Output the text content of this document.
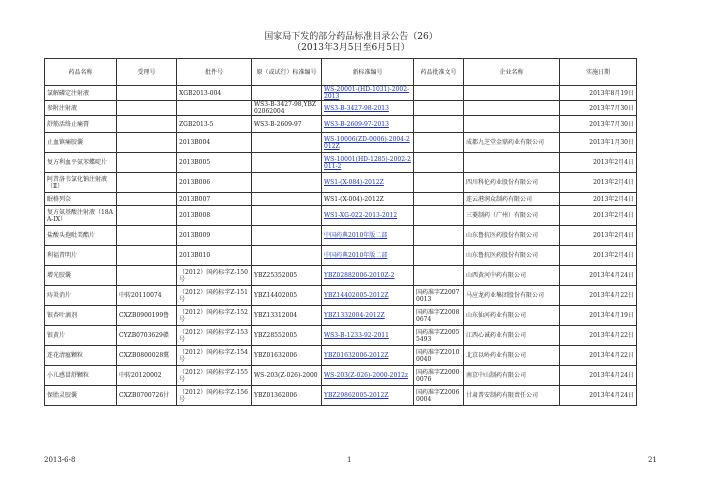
国家局下发的部分药品标准目录公告（26）
（2013年3月5日至6月5日）
药品名称	受理号	批件号	原（或试行）标准编号	新标准编号	药品批准文号	企业名称	实施日期
氯解磷定注射液		XGB2013-004		WS-20001-(HD-1031)-2002-2013			2013年8月19日
参附注射液			WS3-B-3427-98,YBZ02062004	WS3-B-3427-98-2013			2013年7月30日
舒筋活络止痛膏		ZGB2013-5	WS3-B-2609-97	WS3-B-2609-97-2013			2013年7月30日
止血镇痛胶囊		2013B004		WS-10006(ZD-0006)-2004-2012Z		成都九芝堂金鼎药业有限公司	2013年1月30日
复方利血平氨苯蝶啶片		2013B005		WS-10001(HD-1285)-2002-2011-2			2013年2月4日
阿昔洛韦氯化钠注射液（Ⅱ）		2013B006		WS1-(X-084)-2012Z		四川科伦药业股份有限公司	2013年2月4日
眠格列奈		2013B007		WS1-(X-004)-2012Z		连云港润众制药有限公司	2013年2月4日
复方氨基酸注射液（18AA-IX）		2013B008		WS1-XG-022-2013-2012		三菱制药（广州）有限公司	2013年2月4日
盐酸头孢吡美酯片		2013B009		中国药典2010年版二部		山东鲁抗医药股份有限公司	2013年2月4日
利福昔明片		2013B010		中国药典2010年版二部		山东鲁抗医药股份有限公司	2013年2月4日
增光胶囊		（2012）国药标字Z-150号	YBZ25352005	YBZ02882006-2010Z-2		山西黄河中药有限公司	2013年4月24日
痔炎消片	中转20110074	（2012）国药标字Z-151号	YBZ14402005	YBZ14402005-2012Z	国药准字Z20070013	马应龙药业集团股份有限公司	2013年4月22日
银杏叶滴剂	CXZB0900199鲁	（2012）国药标字Z-152号	YBZ13312004	YBZ1332004-2012Z	国药准字Z20080674	山东仙河药业有限公司	2013年4月19日
银黄片	CYZB0703629赣	（2012）国药标字Z-153号	YBZ28552005	WS3-B-1233-92-2011	国药准字Z20055493	江西心诚药业有限公司	2013年4月22日
连花清瘟颗粒	CXZB0800028冀	（2012）国药标字Z-154号	YBZ01632006	YBZ01632006-2012Z	国药准字Z20100040	北京以岭药业有限公司	2013年4月22日
小儿感冒舒颗粒	中转20120002	（2012）国药标字Z-155号	WS-203(Z-026)-2000	WS-203(Z-026)-2000-2012z	国药准字Z20000076	南京中山制药有限公司	2013年4月24日
保胎灵胶囊	CXZB0700726甘	（2012）国药标字Z-156号	YBZ01362006	YBZ29862005-2012Z	国药准字Z20060004	甘肃普安制药有限责任公司	2013年4月24日
2013-6-8	1	21
